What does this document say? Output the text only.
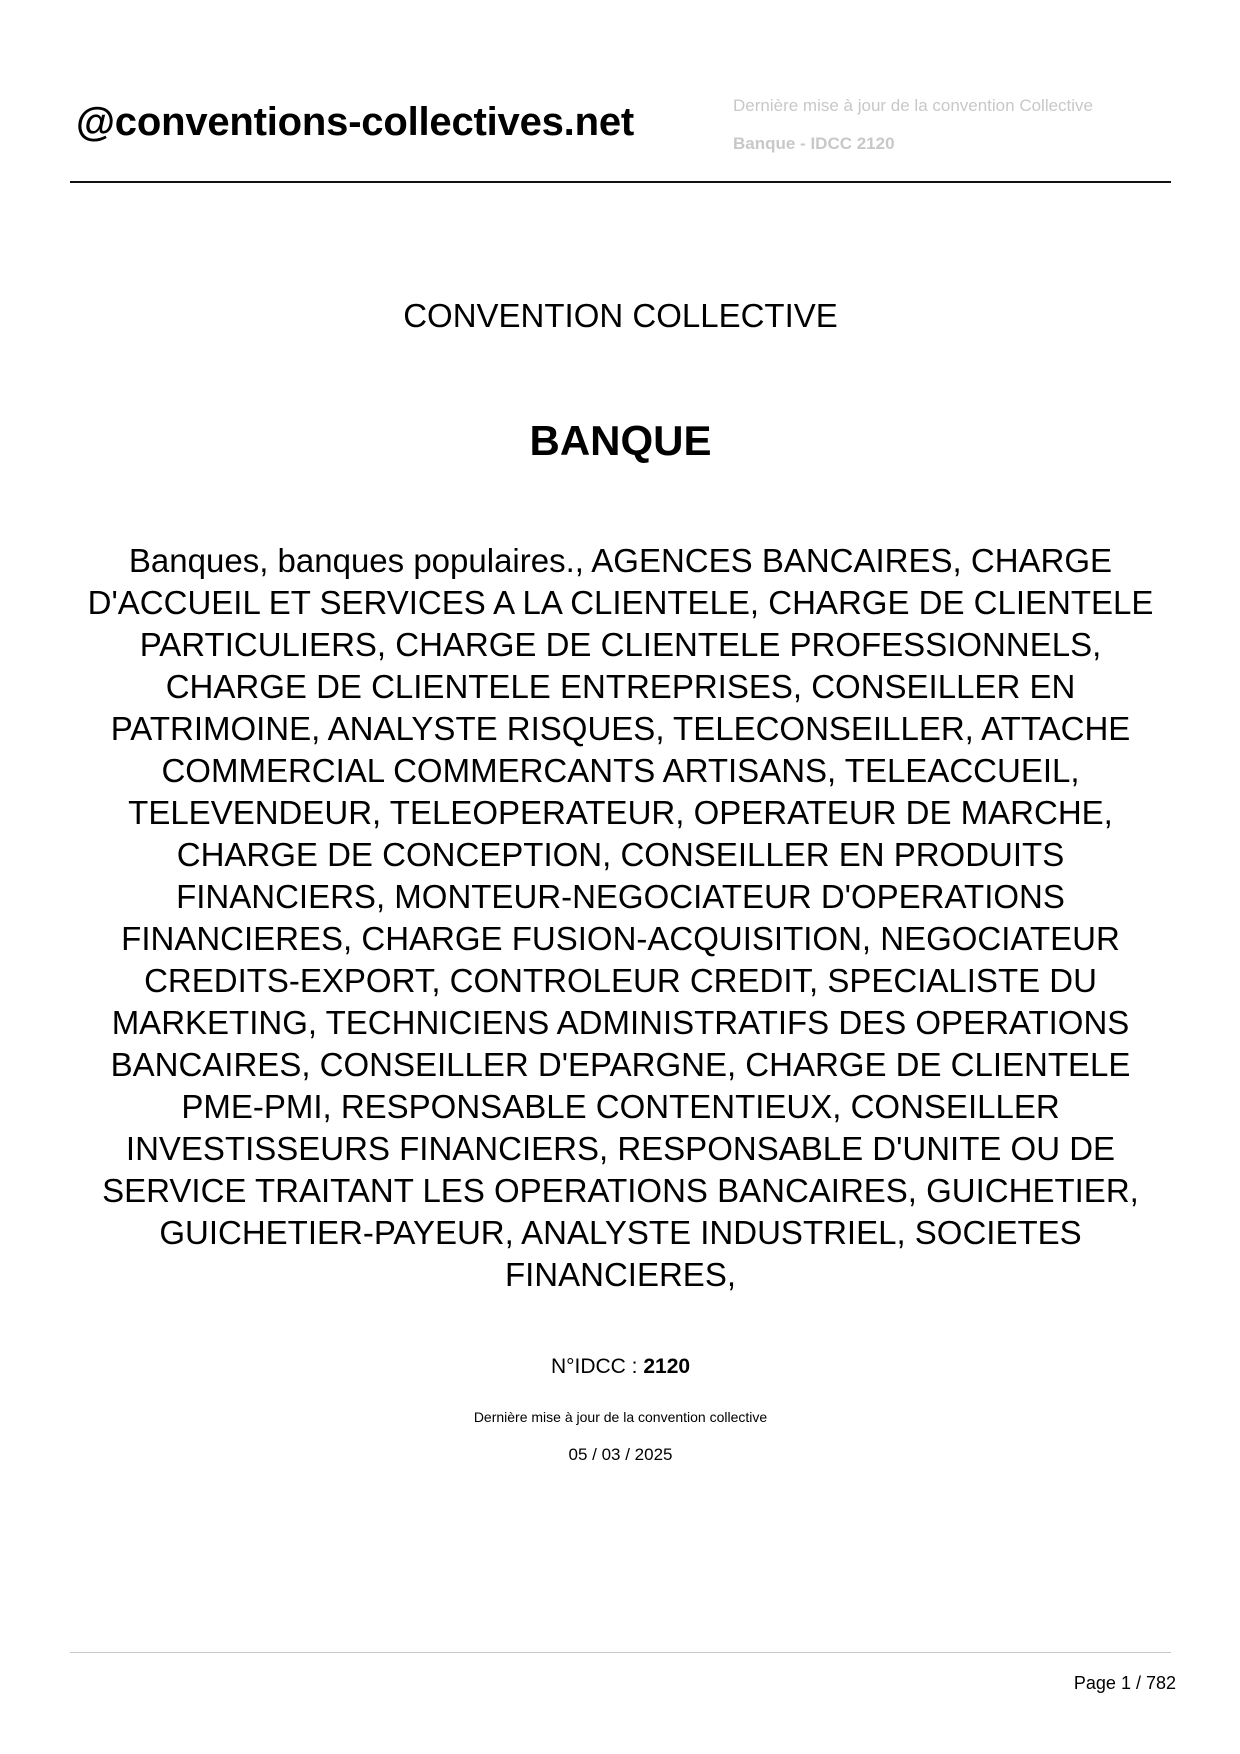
@conventions-collectives.net	Dernière mise à jour de la convention Collective
Banque - IDCC 2120
CONVENTION COLLECTIVE
BANQUE
Banques, banques populaires., AGENCES BANCAIRES, CHARGE D'ACCUEIL ET SERVICES A LA CLIENTELE, CHARGE DE CLIENTELE PARTICULIERS, CHARGE DE CLIENTELE PROFESSIONNELS, CHARGE DE CLIENTELE ENTREPRISES, CONSEILLER EN PATRIMOINE, ANALYSTE RISQUES, TELECONSEILLER, ATTACHE COMMERCIAL COMMERCANTS ARTISANS, TELEACCUEIL, TELEVENDEUR, TELEOPERATEUR, OPERATEUR DE MARCHE, CHARGE DE CONCEPTION, CONSEILLER EN PRODUITS FINANCIERS, MONTEUR-NEGOCIATEUR D'OPERATIONS FINANCIERES, CHARGE FUSION-ACQUISITION, NEGOCIATEUR CREDITS-EXPORT, CONTROLEUR CREDIT, SPECIALISTE DU MARKETING, TECHNICIENS ADMINISTRATIFS DES OPERATIONS BANCAIRES, CONSEILLER D'EPARGNE, CHARGE DE CLIENTELE PME-PMI, RESPONSABLE CONTENTIEUX, CONSEILLER INVESTISSEURS FINANCIERS, RESPONSABLE D'UNITE OU DE SERVICE TRAITANT LES OPERATIONS BANCAIRES, GUICHETIER, GUICHETIER-PAYEUR, ANALYSTE INDUSTRIEL, SOCIETES FINANCIERES,
N°IDCC : 2120
Dernière mise à jour de la convention collective
05 / 03 / 2025
Page 1 / 782
